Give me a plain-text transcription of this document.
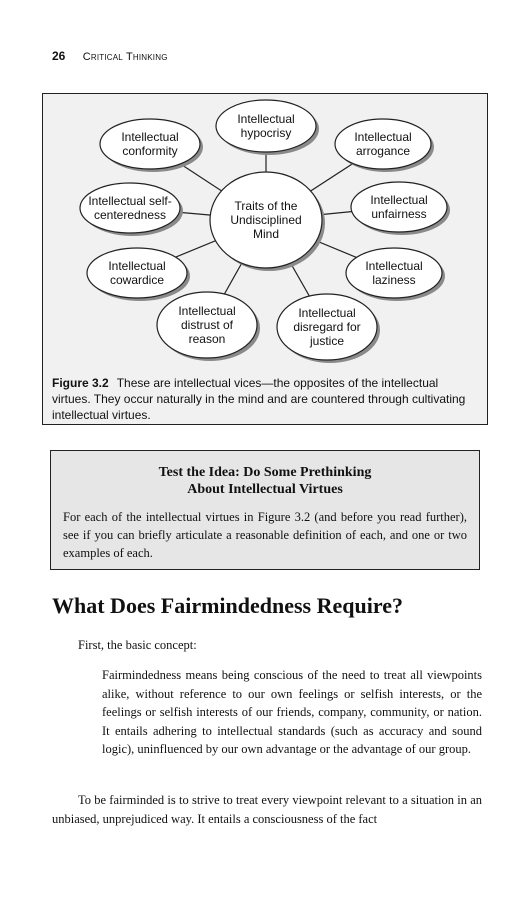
26 Critical Thinking
Intellectual
hypocrisy	Intellectual
arrogance
Intellectual
unfairness
Intellectual
laziness
Intellectual
disregard for
justice
Intellectual
distrust of
reason
Intellectual
cowardice
Intellectual self-
centeredness
Intellectual
conformity
Traits of the
Undisciplined
Mind
Figure 3.2 These are intellectual vices—the opposites of the intellectual virtues. They occur naturally in the mind and are countered through cultivating intellectual virtues.
Test the Idea: Do Some Prethinking
About Intellectual Virtues
For each of the intellectual virtues in Figure 3.2 (and before you read further), see if you can briefly articulate a reasonable definition of each, and one or two examples of each.
What Does Fairmindedness Require?
First, the basic concept:
Fairmindedness means being conscious of the need to treat all viewpoints alike, without reference to our own feelings or selfish interests, or the feelings or selfish interests of our friends, company, community, or nation. It entails adhering to intellectual standards (such as accuracy and sound logic), uninfluenced by our own advantage or the advantage of our group.
To be fairminded is to strive to treat every viewpoint relevant to a situation in an unbiased, unprejudiced way. It entails a consciousness of the fact
